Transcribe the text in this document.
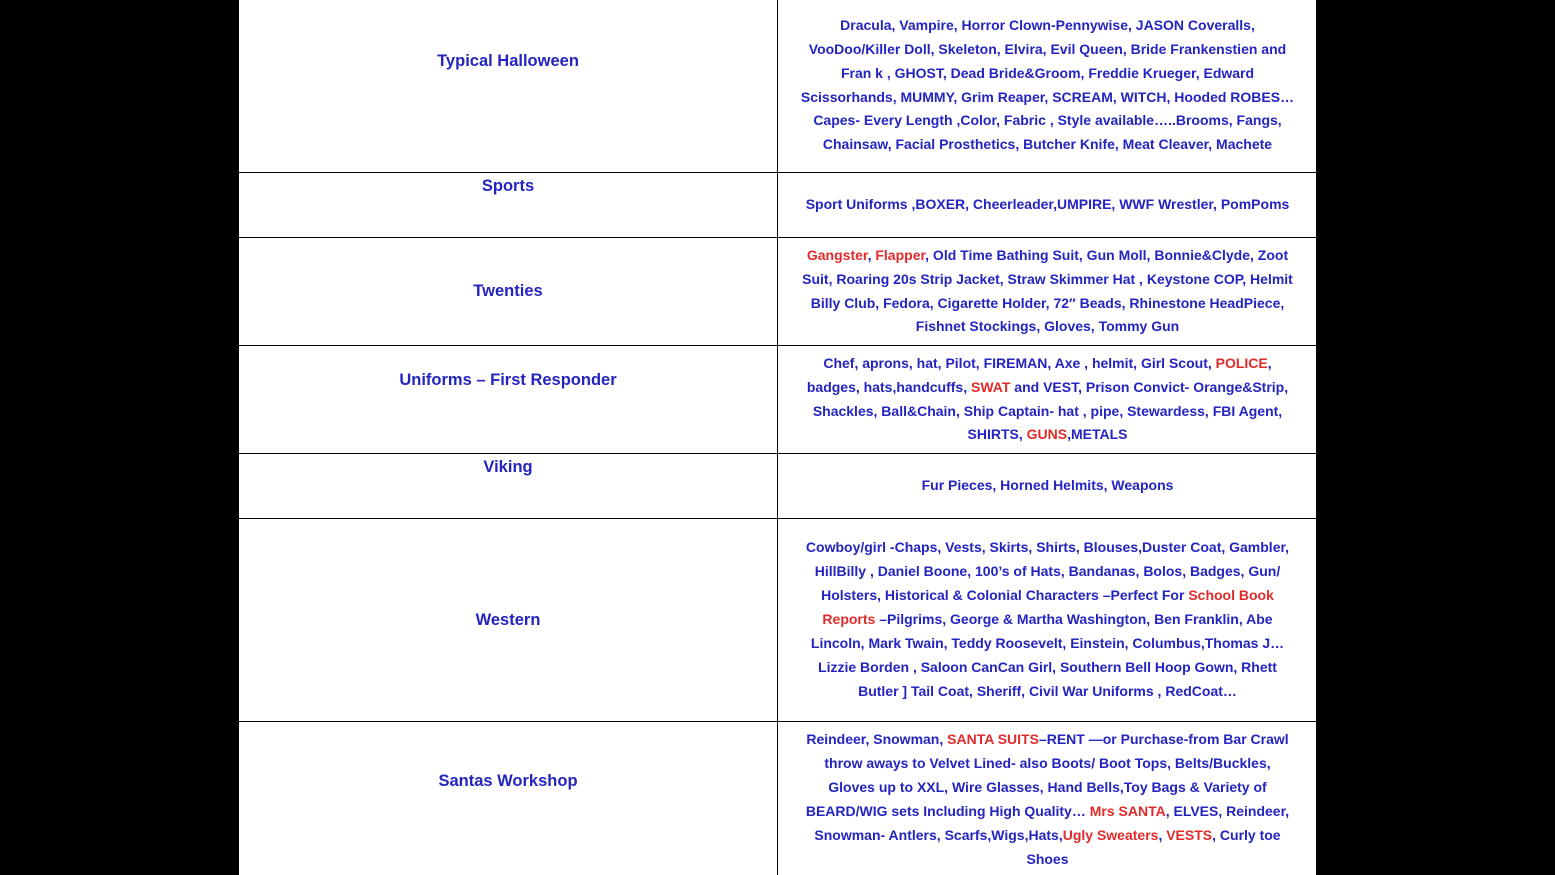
Typical Halloween	Dracula, Vampire, Horror Clown-Pennywise, JASON Coveralls, VooDoo/Killer Doll, Skeleton, Elvira, Evil Queen, Bride Frankenstien and Fran k , GHOST, Dead Bride&Groom, Freddie Krueger, Edward Scissorhands, MUMMY, Grim Reaper, SCREAM, WITCH, Hooded ROBES…Capes- Every Length ,Color, Fabric , Style available…..Brooms, Fangs, Chainsaw, Facial Prosthetics, Butcher Knife, Meat Cleaver, Machete

Sports	Sport Uniforms ,BOXER, Cheerleader,UMPIRE, WWF Wrestler, PomPoms

Twenties	Gangster, Flapper, Old Time Bathing Suit, Gun Moll, Bonnie&Clyde, Zoot Suit, Roaring 20s Strip Jacket, Straw Skimmer Hat , Keystone COP, Helmit Billy Club, Fedora, Cigarette Holder, 72″ Beads, Rhinestone HeadPiece, Fishnet Stockings, Gloves, Tommy Gun

Uniforms – First Responder	Chef, aprons, hat, Pilot, FIREMAN, Axe , helmit, Girl Scout, POLICE, badges, hats,handcuffs, SWAT and VEST, Prison Convict- Orange&Strip, Shackles, Ball&Chain, Ship Captain- hat , pipe, Stewardess, FBI Agent, SHIRTS, GUNS,METALS

Viking	Fur Pieces, Horned Helmits, Weapons

Western	Cowboy/girl -Chaps, Vests, Skirts, Shirts, Blouses,Duster Coat, Gambler, HillBilly , Daniel Boone, 100’s of Hats, Bandanas, Bolos, Badges, Gun/ Holsters, Historical & Colonial Characters –Perfect For School Book Reports –Pilgrims, George & Martha Washington, Ben Franklin, Abe Lincoln, Mark Twain, Teddy Roosevelt, Einstein, Columbus,Thomas J… Lizzie Borden , Saloon CanCan Girl, Southern Bell Hoop Gown, Rhett Butler ] Tail Coat, Sheriff, Civil War Uniforms , RedCoat…

Santas Workshop	Reindeer, Snowman, SANTA SUITS–RENT —or Purchase-from Bar Crawl throw aways to Velvet Lined- also Boots/ Boot Tops, Belts/Buckles, Gloves up to XXL, Wire Glasses, Hand Bells,Toy Bags & Variety of BEARD/WIG sets Including High Quality… Mrs SANTA, ELVES, Reindeer, Snowman- Antlers, Scarfs,Wigs,Hats,Ugly Sweaters, VESTS, Curly toe Shoes
